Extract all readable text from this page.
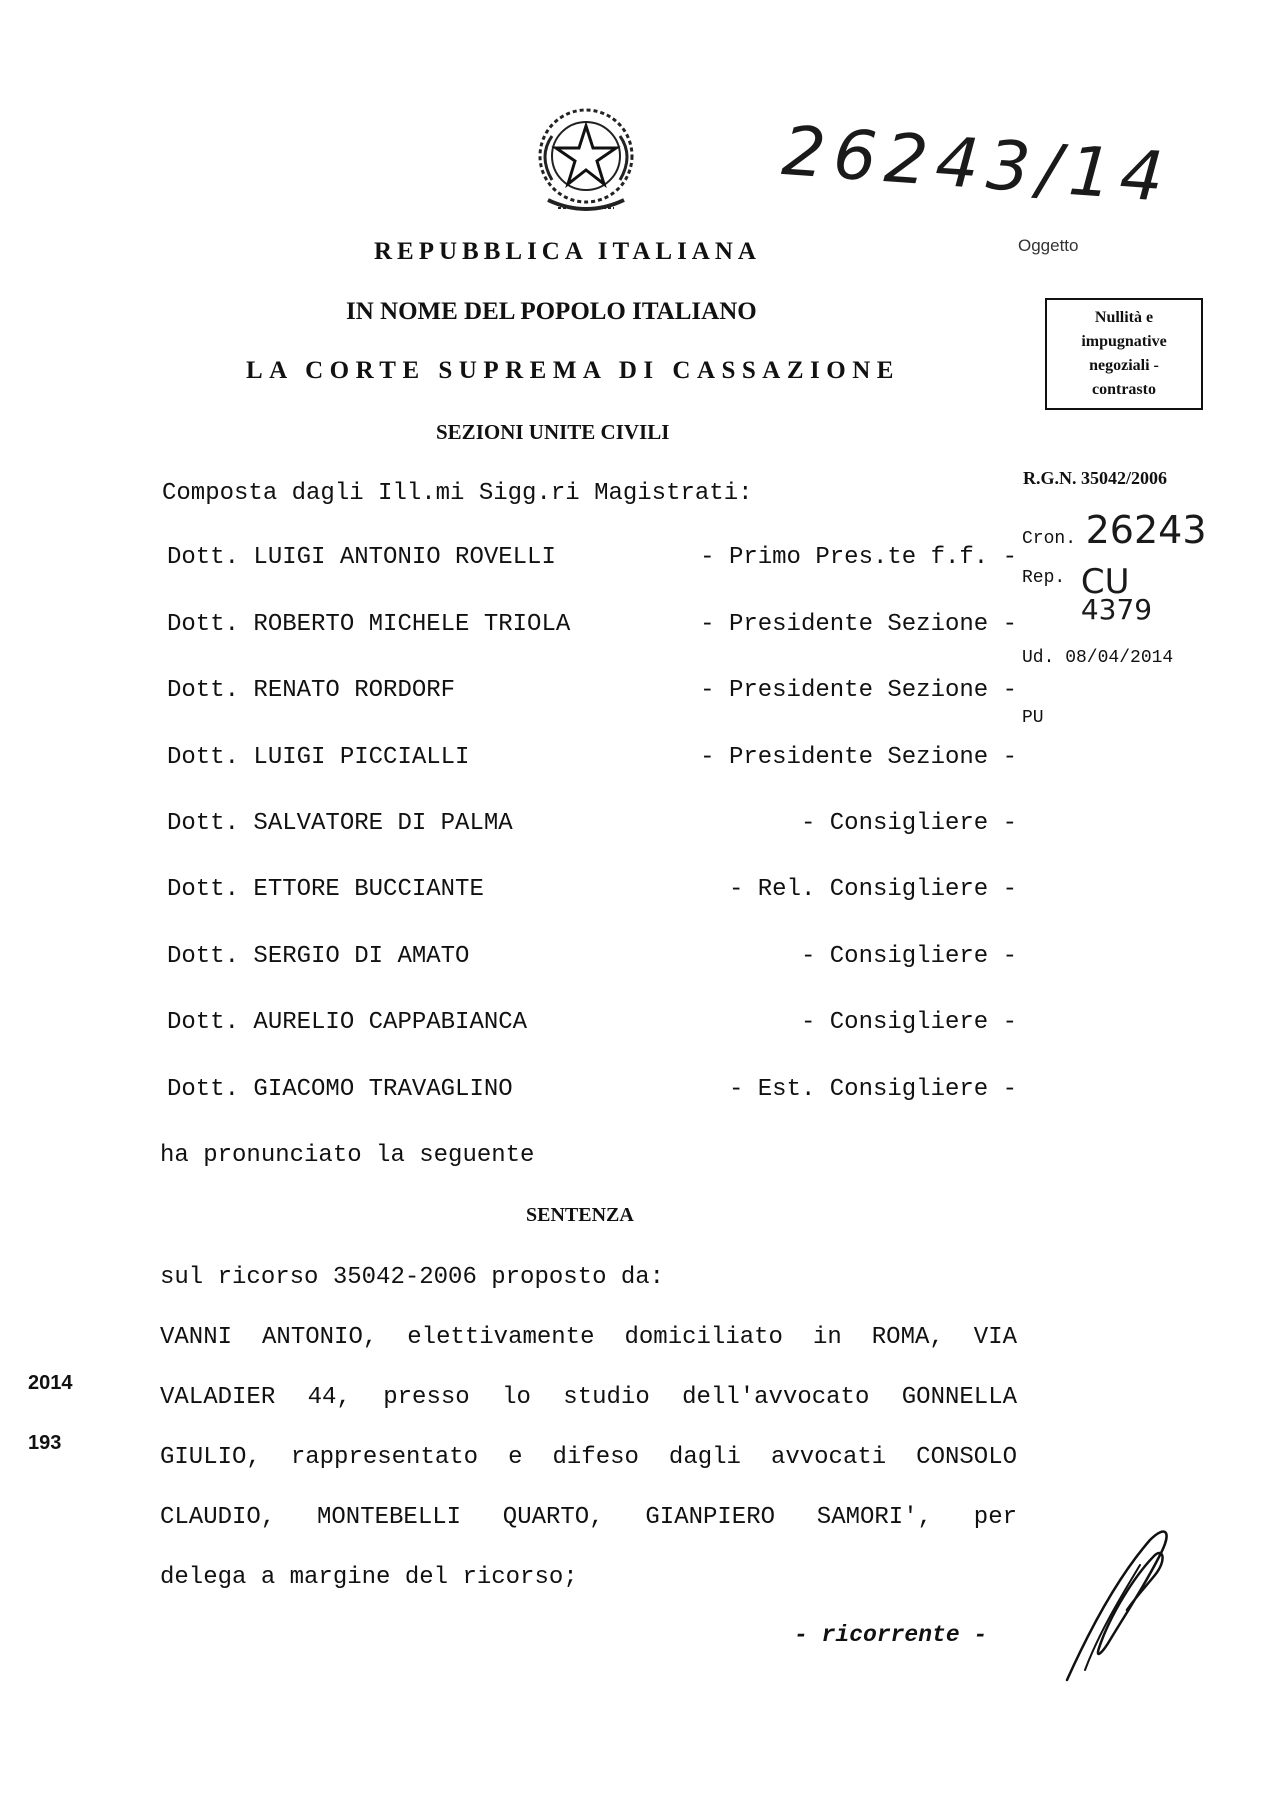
26243/14
Oggetto
REPUBBLICA ITALIANA
IN NOME DEL POPOLO ITALIANO
LA CORTE SUPREMA DI CASSAZIONE
SEZIONI UNITE CIVILI
Nullità e
impugnative
negoziali -
contrasto
R.G.N. 35042/2006
Cron. 26243
Rep. CU
4379
Ud. 08/04/2014
PU
Composta dagli Ill.mi Sigg.ri Magistrati:
Dott. LUIGI ANTONIO ROVELLI	- Primo Pres.te f.f. -
Dott. ROBERTO MICHELE TRIOLA	- Presidente Sezione -
Dott. RENATO RORDORF	- Presidente Sezione -
Dott. LUIGI PICCIALLI	- Presidente Sezione -
Dott. SALVATORE DI PALMA	- Consigliere -
Dott. ETTORE BUCCIANTE	- Rel. Consigliere -
Dott. SERGIO DI AMATO	- Consigliere -
Dott. AURELIO CAPPABIANCA	- Consigliere -
Dott. GIACOMO TRAVAGLINO	- Est. Consigliere -
ha pronunciato la seguente
SENTENZA
sul ricorso 35042-2006 proposto da:
VANNI ANTONIO, elettivamente domiciliato in ROMA, VIA
VALADIER 44, presso lo studio dell'avvocato GONNELLA
GIULIO, rappresentato e difeso dagli avvocati CONSOLO
CLAUDIO, MONTEBELLI QUARTO, GIANPIERO SAMORI', per
delega a margine del ricorso;
- ricorrente -
2014
193
